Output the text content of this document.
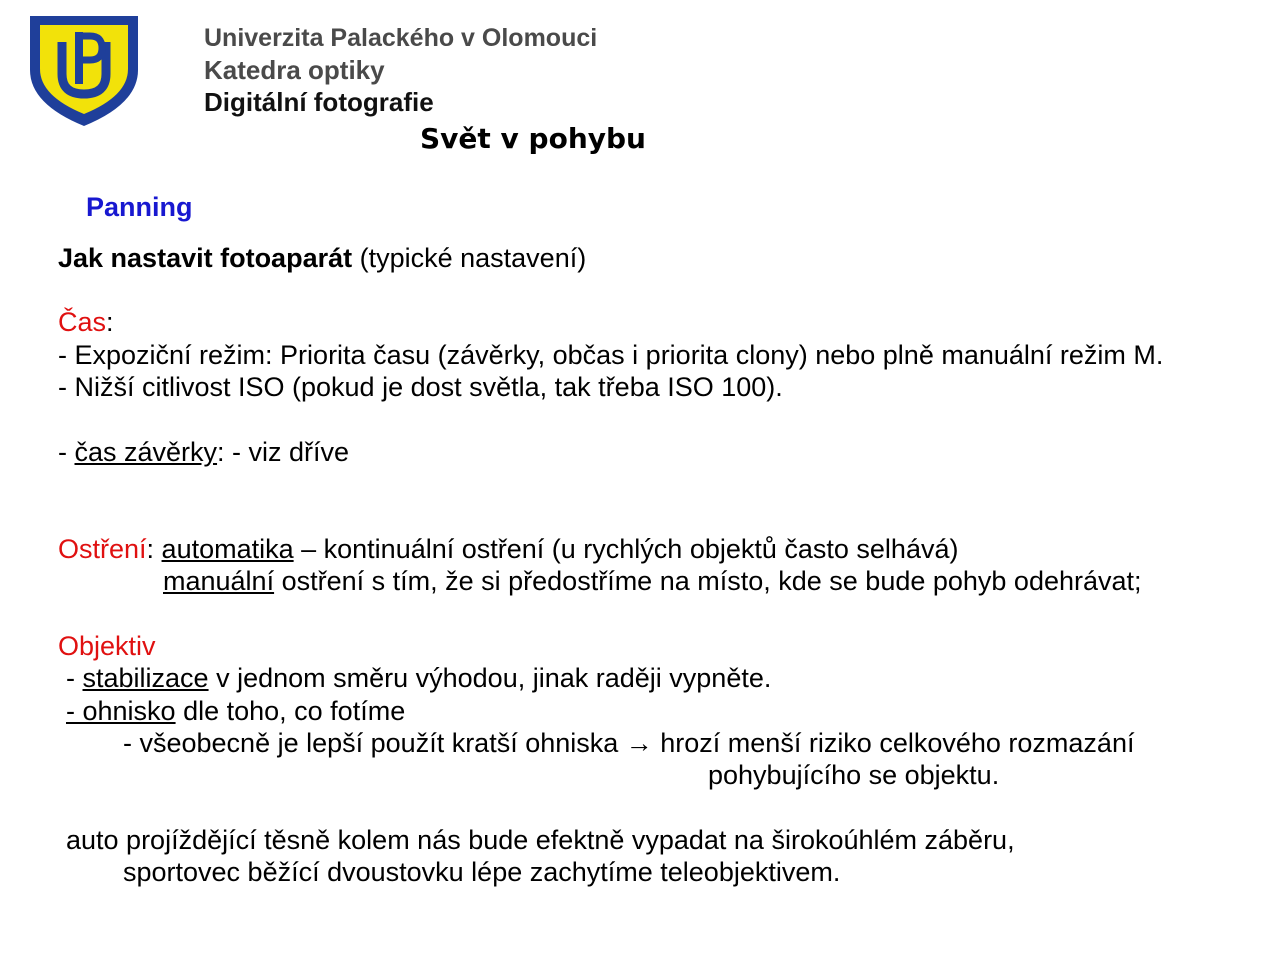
Univerzita Palackého v Olomouci
Katedra optiky
Digitální fotografie
Svět v pohybu
Panning
Jak nastavit fotoaparát (typické nastavení)
Čas:
- Expoziční režim: Priorita času (závěrky, občas i priorita clony) nebo plně manuální režim M.
- Nižší citlivost ISO (pokud je dost světla, tak třeba ISO 100).
- čas závěrky: - viz dříve
Ostření: automatika – kontinuální ostření (u rychlých objektů často selhává)
manuální ostření s tím, že si předostříme na místo, kde se bude pohyb odehrávat;
Objektiv
- stabilizace v jednom směru výhodou, jinak raději vypněte.
- ohnisko dle toho, co fotíme
- všeobecně je lepší použít kratší ohniska → hrozí menší riziko celkového rozmazání
pohybujícího se objektu.
auto projíždějící těsně kolem nás bude efektně vypadat na širokoúhlém záběru,
sportovec běžící dvoustovku lépe zachytíme teleobjektivem.
